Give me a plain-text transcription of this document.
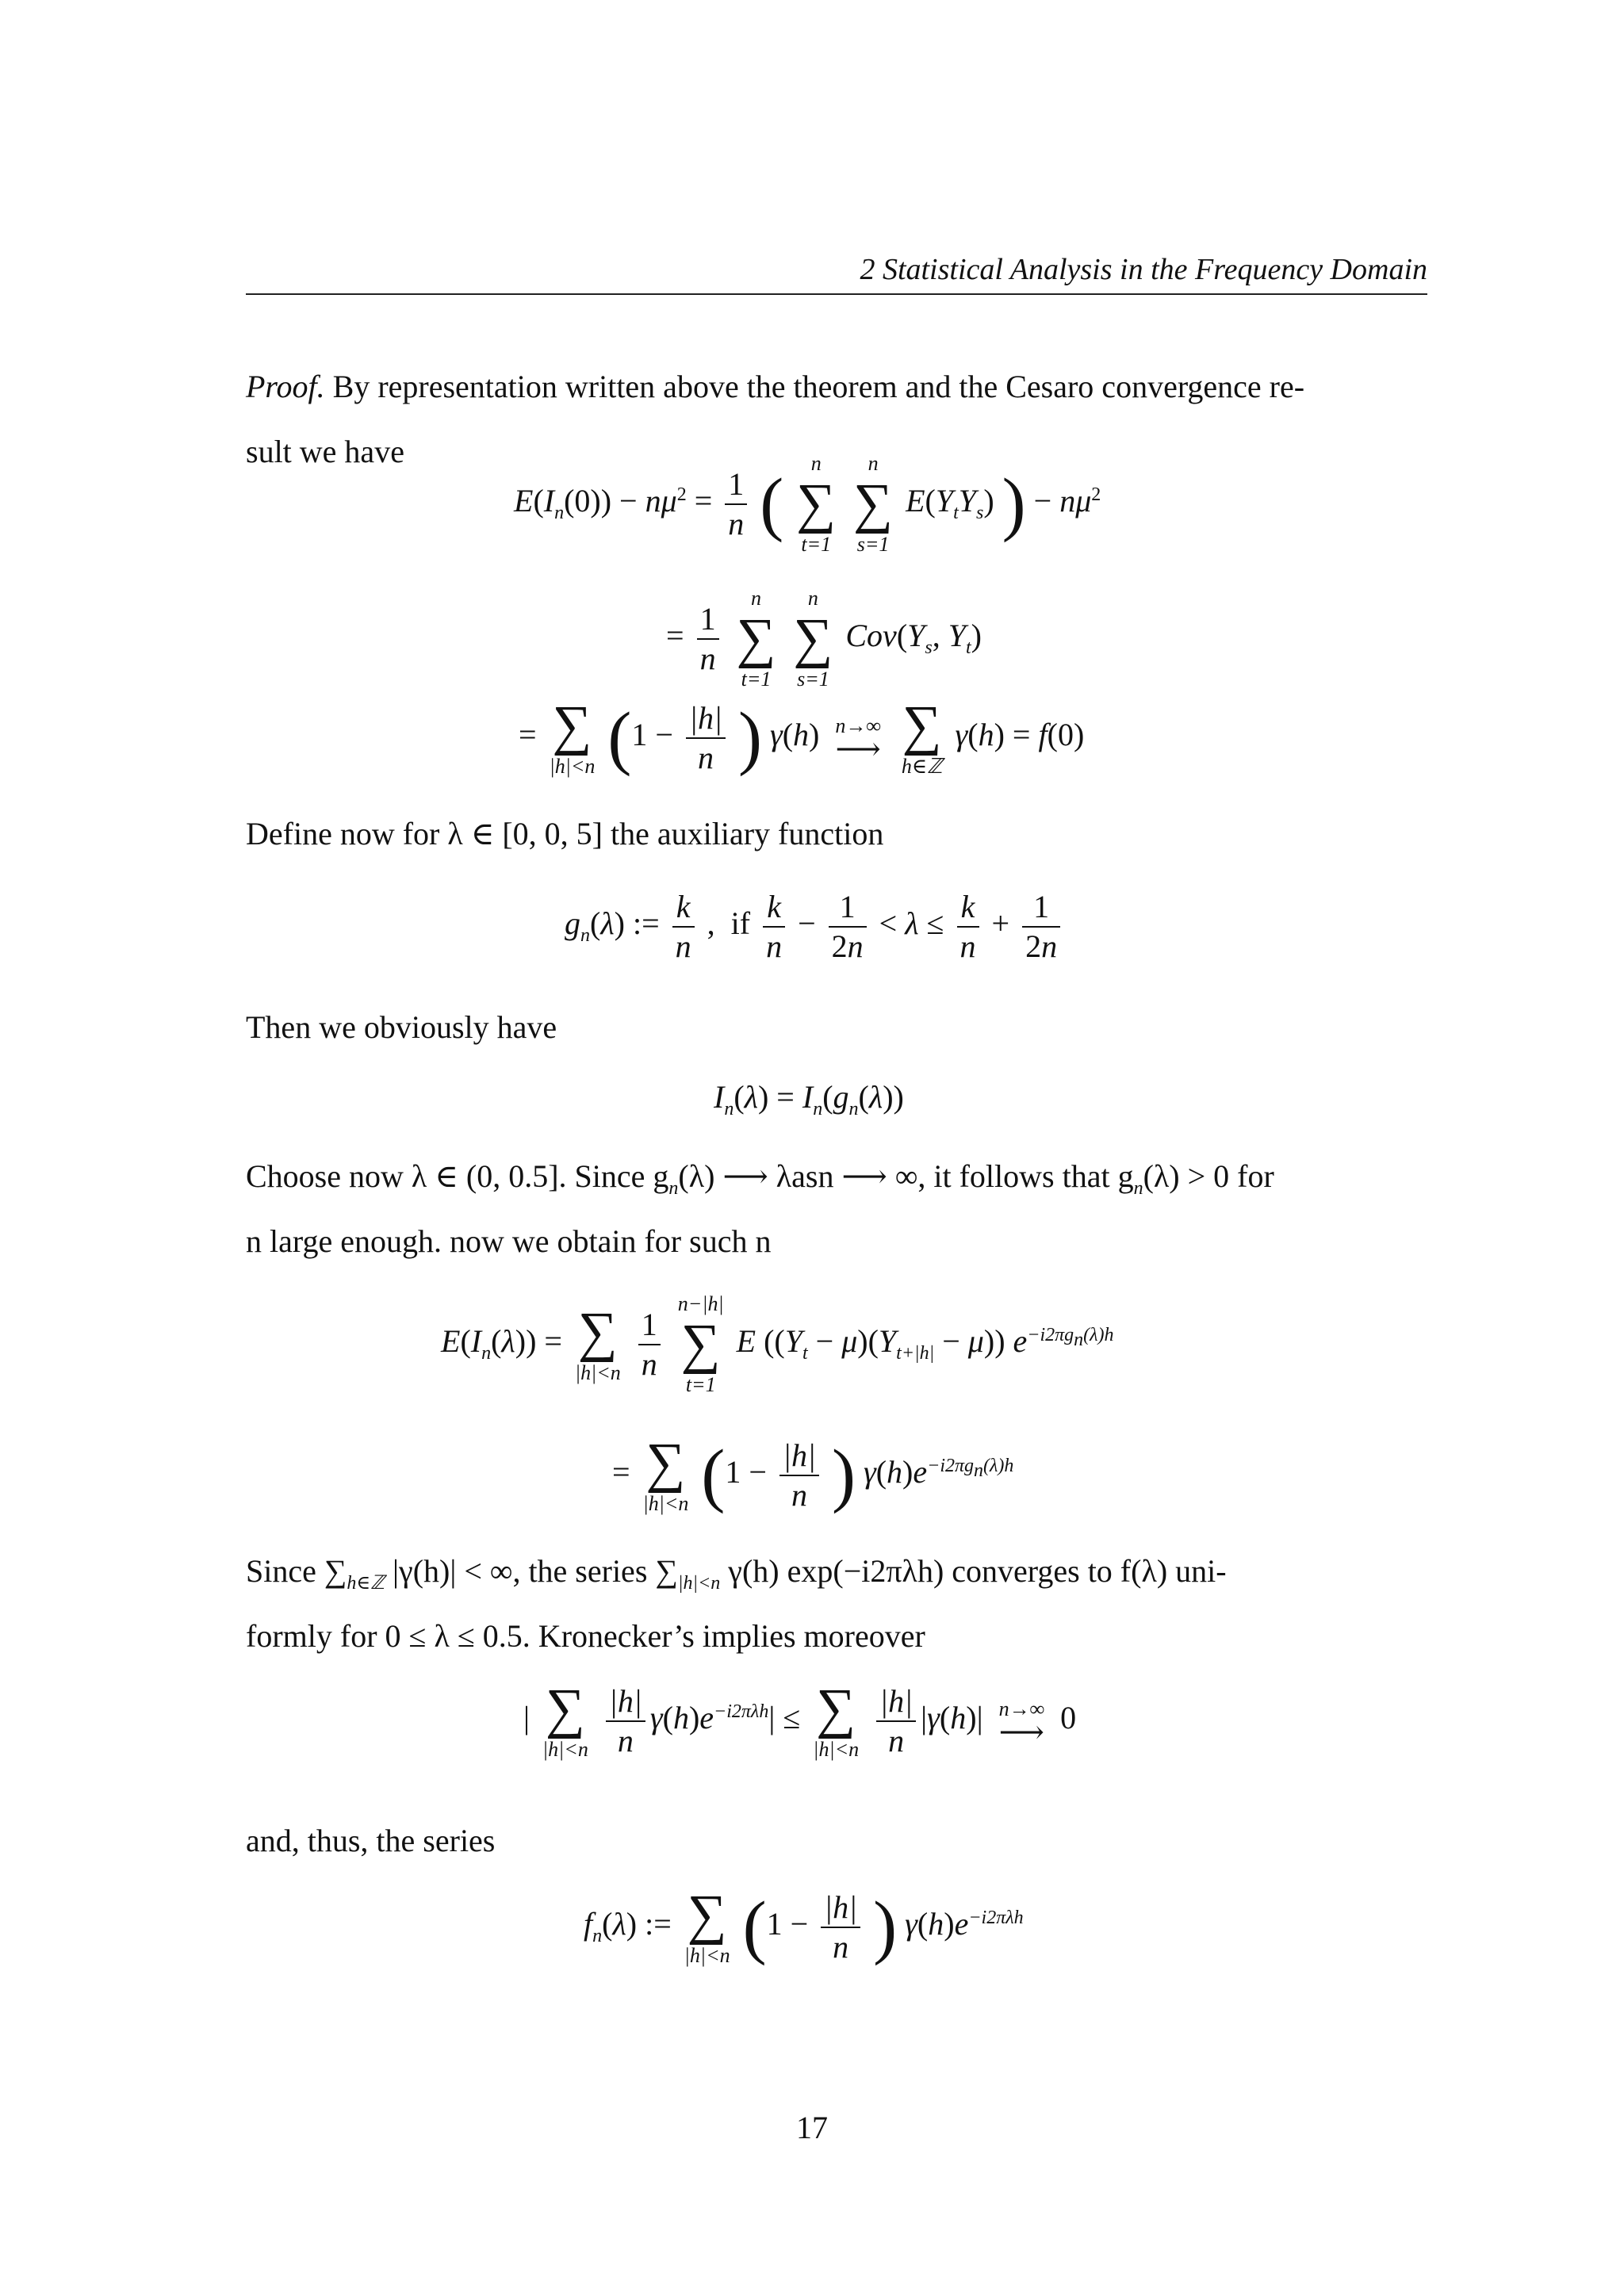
2 Statistical Analysis in the Frequency Domain
Proof. By representation written above the theorem and the Cesaro convergence re-
sult we have
$E(I_n(0)) - n\mu^2 = \frac{1}{n}$ (
n
∑
t=1

n
∑
s=1
$E(Y_tY_s)$ ) − $n\mu^2$
= $\frac{1}{n}$

n
∑
t=1

n
∑
s=1
$Cov(Y_s$, $Y_t$)
= ∑
|h|<n ($1 - \frac{|h|}{n}$ ) γ(h) n→∞
⟶
∑
h∈ℤ
γ(h) = f(0)
Define now for λ ∈ [0, 0, 5] the auxiliary function
$g_n(\lambda)$ := $\frac{k}{n}$ ,  if $\frac{k}{n} - \frac{1}{2n} < \lambda \le \frac{k}{n} + \frac{1}{2n}$
Then we obviously have
$I_n(\lambda) = I_n(g_n(\lambda))$
Choose now λ ∈ (0, 0.5]. Since $g_n(\lambda)$ ⟶ λasn ⟶ ∞, it follows that $g_n(\lambda) > 0$ for
n large enough. now we obtain for such n
$E(I_n(\lambda))$ = ∑
|h|<n
$\frac{1}{n}$

n−|h|
∑
t=1
E $((Y_t - \mu)(Y_{t+|h|} - \mu))$ $e^{-i2\pi g_n(\lambda)h}$
= ∑
|h|<n ($1 - \frac{|h|}{n}$ ) $\gamma(h)e^{-i2\pi g_n(\lambda)h}$
Since $\sum_{h\in ℤ}$ |γ(h)| < ∞, the series $\sum_{|h|<n}$ γ(h) exp(−i2πλh) converges to f(λ) uni-
formly for 0 ≤ λ ≤ 0.5. Kronecker’s implies moreover
| ∑
|h|<n
$\frac{|h|}{n} \gamma(h)e^{-i2\pi\lambda h}|$ ≤ ∑
|h|<n
$\frac{|h|}{n} |\gamma(h)|$ n→∞
⟶ 0
and, thus, the series
$f_n(\lambda)$ := ∑
|h|<n ($1 - \frac{|h|}{n}$ ) $\gamma(h)e^{-i2\pi\lambda h}$
17
